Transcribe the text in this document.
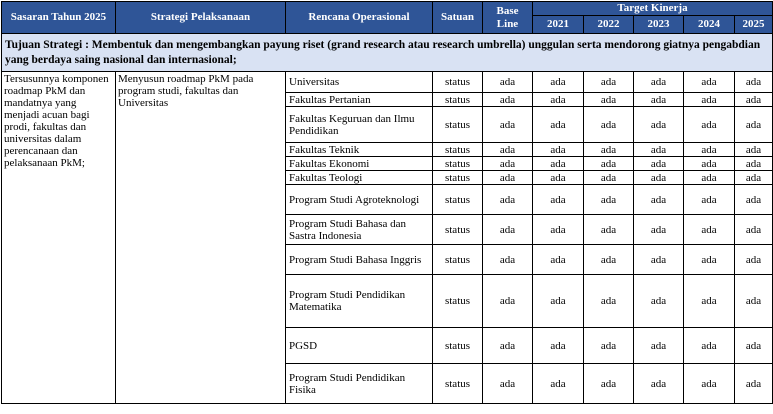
Sasaran Tahun 2025	Strategi Pelaksanaan	Rencana Operasional	Satuan	Base Line	Target Kinerja				
					2021	2022	2023	2024	2025
Tujuan Strategi : Membentuk dan mengembangkan payung riset (grand research atau research umbrella) unggulan serta mendorong giatnya pengabdian yang berdaya saing nasional dan internasional;									
Tersusunnya komponen roadmap PkM dan mandatnya yang menjadi acuan bagi prodi, fakultas dan universitas dalam perencanaan dan pelaksanaan PkM;	Menyusun roadmap PkM pada program studi, fakultas dan Universitas	Universitas	status	ada	ada	ada	ada	ada	ada
		Fakultas Pertanian	status	ada	ada	ada	ada	ada	ada
		Fakultas Keguruan dan Ilmu Pendidikan	status	ada	ada	ada	ada	ada	ada
		Fakultas Teknik	status	ada	ada	ada	ada	ada	ada
		Fakultas Ekonomi	status	ada	ada	ada	ada	ada	ada
		Fakultas Teologi	status	ada	ada	ada	ada	ada	ada
		Program Studi Agroteknologi	status	ada	ada	ada	ada	ada	ada
		Program Studi Bahasa dan Sastra Indonesia	status	ada	ada	ada	ada	ada	ada
		Program Studi Bahasa Inggris	status	ada	ada	ada	ada	ada	ada
		Program Studi Pendidikan Matematika	status	ada	ada	ada	ada	ada	ada
		PGSD	status	ada	ada	ada	ada	ada	ada
		Program Studi Pendidikan Fisika	status	ada	ada	ada	ada	ada	ada
